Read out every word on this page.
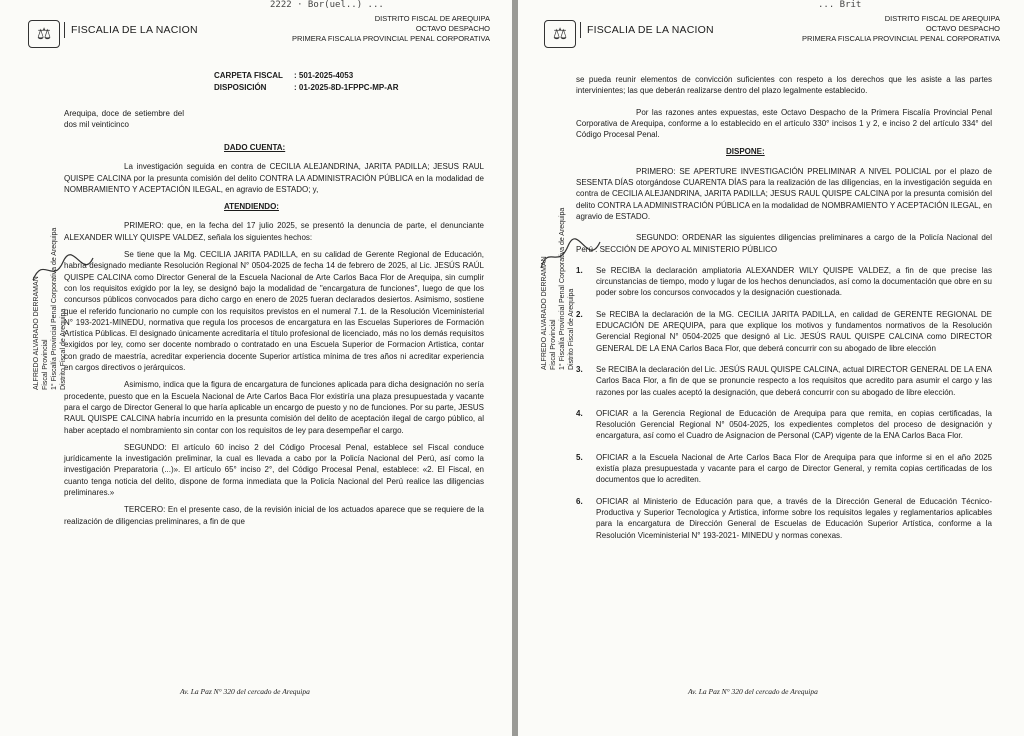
2222 · Bor(uel..) ...
⚖	FISCALIA DE LA NACION
DISTRITO FISCAL DE AREQUIPA
OCTAVO DESPACHO
PRIMERA FISCALIA PROVINCIAL PENAL CORPORATIVA
ALFREDO ALVARADO DERRAMAN Fiscal Provincial 1° Fiscalía Provincial Penal Corporativa de Arequipa Distrito Fiscal de Arequipa
CARPETA FISCAL	: 501-2025-4053
DISPOSICIÓN	: 01-2025-8D-1FPPC-MP-AR
Arequipa, doce de setiembre del dos mil veinticinco
DADO CUENTA:

La investigación seguida en contra de CECILIA ALEJANDRINA, JARITA PADILLA; JESUS RAUL QUISPE CALCINA por la presunta comisión del delito CONTRA LA ADMINISTRACIÓN PÚBLICA en la modalidad de NOMBRAMIENTO Y ACEPTACIÓN ILEGAL, en agravio de ESTADO; y,

ATENDIENDO:

PRIMERO: que, en la fecha del 17 julio 2025, se presentó la denuncia de parte, el denunciante ALEXANDER WILLY QUISPE VALDEZ, señala los siguientes hechos:

Se tiene que la Mg. CECILIA JARITA PADILLA, en su calidad de Gerente Regional de Educación, habría designado mediante Resolución Regional N° 0504-2025 de fecha 14 de febrero de 2025, al Lic. JESÚS RAÚL QUISPE CALCINA como Director General de la Escuela Nacional de Arte Carlos Baca Flor de Arequipa, sin cumplir con los requisitos exigido por la ley, se designó bajo la modalidad de "encargatura de funciones", luego de que los concursos públicos convocados para dicho cargo en enero de 2025 fueran declarados desiertos. Asimismo, sostiene que el referido funcionario no cumple con los requisitos previstos en el numeral 7.1. de la Resolución Viceministerial N° 193-2021-MINEDU, normativa que regula los procesos de encargatura en las Escuelas Superiores de Formación Artística Públicas. El designado únicamente acreditaría el título profesional de licenciado, más no los demás requisitos exigidos por ley, como ser docente nombrado o contratado en una Escuela Superior de Formacion Artistica, contar con grado de maestría, acreditar experiencia docente Superior artística mínima de tres años ni acreditar experiencia en cargos directivos o jerárquicos.

Asimismo, indica que la figura de encargatura de funciones aplicada para dicha designación no sería procedente, puesto que en la Escuela Nacional de Arte Carlos Baca Flor existiría una plaza presupuestada y vacante para el cargo de Director General lo que haría aplicable un encargo de puesto y no de funciones. Por su parte, JESUS RAUL QUISPE CALCINA habría incurrido en la presunta comisión del delito de aceptación ilegal de cargo público, al haber aceptado el nombramiento sin contar con los requisitos de ley para desempeñar el cargo.

SEGUNDO: El artículo 60 inciso 2 del Código Procesal Penal, establece sel Fiscal conduce jurídicamente la investigación preliminar, la cual es llevada a cabo por la Policía Nacional del Perú, así como la investigación Preparatoria (...)». El artículo 65° inciso 2°, del Código Procesal Penal, establece: «2. El Fiscal, en cuanto tenga noticia del delito, dispone de forma inmediata que la Policía Nacional del Perú realice las diligencias preliminares.»

TERCERO: En el presente caso, de la revisión inicial de los actuados aparece que se requiere de la realización de diligencias preliminares, a fin de que

Av. La Paz N° 320 del cercado de Arequipa
... Brit
⚖	FISCALIA DE LA NACION
DISTRITO FISCAL DE AREQUIPA
OCTAVO DESPACHO
PRIMERA FISCALIA PROVINCIAL PENAL CORPORATIVA
ALFREDO ALVARADO DERRAMAN Fiscal Provincial 1° Fiscalía Provincial Penal Corporativa de Arequipa Distrito Fiscal de Arequipa

se pueda reunir elementos de convicción suficientes con respeto a los derechos que les asiste a las partes intervinientes; las que deberán realizarse dentro del plazo legalmente establecido.

Por las razones antes expuestas, este Octavo Despacho de la Primera Fiscalía Provincial Penal Corporativa de Arequipa, conforme a lo establecido en el artículo 330° incisos 1 y 2, e inciso 2 del artículo 334° del Código Procesal Penal.

DISPONE:

PRIMERO: SE APERTURE INVESTIGACIÓN PRELIMINAR A NIVEL POLICIAL por el plazo de SESENTA DÍAS otorgándose CUARENTA DÍAS para la realización de las diligencias, en la investigación seguida en contra de CECILIA ALEJANDRINA, JARITA PADILLA; JESUS RAUL QUISPE CALCINA por la presunta comisión del delito CONTRA LA ADMINISTRACIÓN PÚBLICA en la modalidad de NOMBRAMIENTO Y ACEPTACIÓN ILEGAL, en agravio de ESTADO.

SEGUNDO: ORDENAR las siguientes diligencias preliminares a cargo de la Policía Nacional del Perú : SECCIÓN DE APOYO AL MINISTERIO PÚBLICO

1.	Se RECIBA la declaración ampliatoria ALEXANDER WILY QUISPE VALDEZ, a fin de que precise las circunstancias de tiempo, modo y lugar de los hechos denunciados, así como la documentación que obre en su poder sobre los concursos convocados y la designación cuestionada.
2.	Se RECIBA la declaración de la MG. CECILIA JARITA PADILLA, en calidad de GERENTE REGIONAL DE EDUCACIÓN DE AREQUIPA, para que explique los motivos y fundamentos normativos de la Resolución Gerencial Regional N° 0504-2025 que designó al Lic. JESÚS RAUL QUISPE CALCINA como DIRECTOR GENERAL DE LA ENA Carlos Baca Flor, que deberá concurrir con su abogado de libre elección
3.	Se RECIBA la declaración del Lic. JESÚS RAUL QUISPE CALCINA, actual DIRECTOR GENERAL DE LA ENA Carlos Baca Flor, a fin de que se pronuncie respecto a los requisitos que acredito para asumir el cargo y las razones por las cuales aceptó la designación, que deberá concurrir con su abogado de libre elección.
4.	OFICIAR a la Gerencia Regional de Educación de Arequipa para que remita, en copias certificadas, la Resolución Gerencial Regional N° 0504-2025, los expedientes completos del proceso de designación y encargatura, así como el Cuadro de Asignacion de Personal (CAP) vigente de la ENA Carlos Baca Flor.
5.	OFICIAR a la Escuela Nacional de Arte Carlos Baca Flor de Arequipa para que informe si en el año 2025 existía plaza presupuestada y vacante para el cargo de Director General, y remita copias certificadas de los documentos que lo acrediten.
6.	OFICIAR al Ministerio de Educación para que, a través de la Dirección General de Educación Técnico-Productiva y Superior Tecnologica y Artistica, informe sobre los requisitos legales y reglamentarios aplicables para la encargatura de Dirección General de Escuelas de Educación Superior Artística, conforme a la Resolución Viceministerial N° 193-2021- MINEDU y normas conexas.
Av. La Paz N° 320 del cercado de Arequipa
